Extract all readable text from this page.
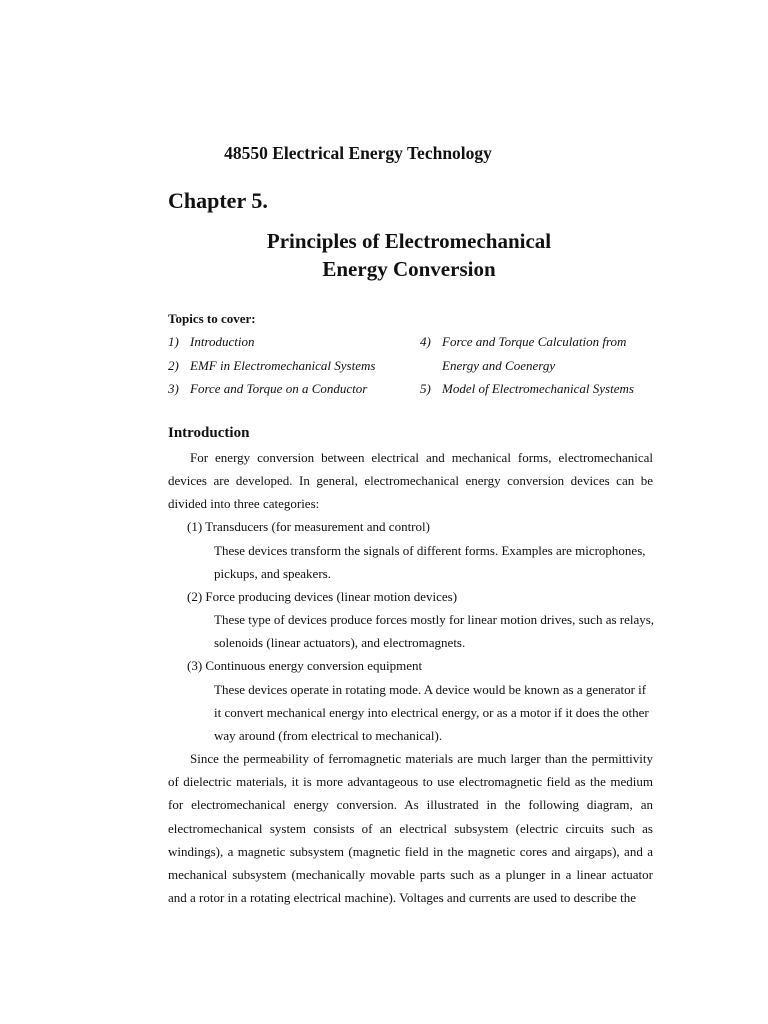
48550 Electrical Energy Technology
Chapter 5.
Principles of Electromechanical
Energy Conversion
Topics to cover:
1) Introduction
2) EMF in Electromechanical Systems
3) Force and Torque on a Conductor
4) Force and Torque Calculation from
Energy and Coenergy
5) Model of Electromechanical Systems
Introduction
For energy conversion between electrical and mechanical forms, electromechanical devices are developed. In general, electromechanical energy conversion devices can be divided into three categories:
(1) Transducers (for measurement and control)
These devices transform the signals of different forms. Examples are microphones,
pickups, and speakers.
(2) Force producing devices (linear motion devices)
These type of devices produce forces mostly for linear motion drives, such as relays,
solenoids (linear actuators), and electromagnets.
(3) Continuous energy conversion equipment
These devices operate in rotating mode. A device would be known as a generator if
it convert mechanical energy into electrical energy, or as a motor if it does the other
way around (from electrical to mechanical).
Since the permeability of ferromagnetic materials are much larger than the permittivity of dielectric materials, it is more advantageous to use electromagnetic field as the medium for electromechanical energy conversion. As illustrated in the following diagram, an electromechanical system consists of an electrical subsystem (electric circuits such as windings), a magnetic subsystem (magnetic field in the magnetic cores and airgaps), and a mechanical subsystem (mechanically movable parts such as a plunger in a linear actuator and a rotor in a rotating electrical machine). Voltages and currents are used to describe the
